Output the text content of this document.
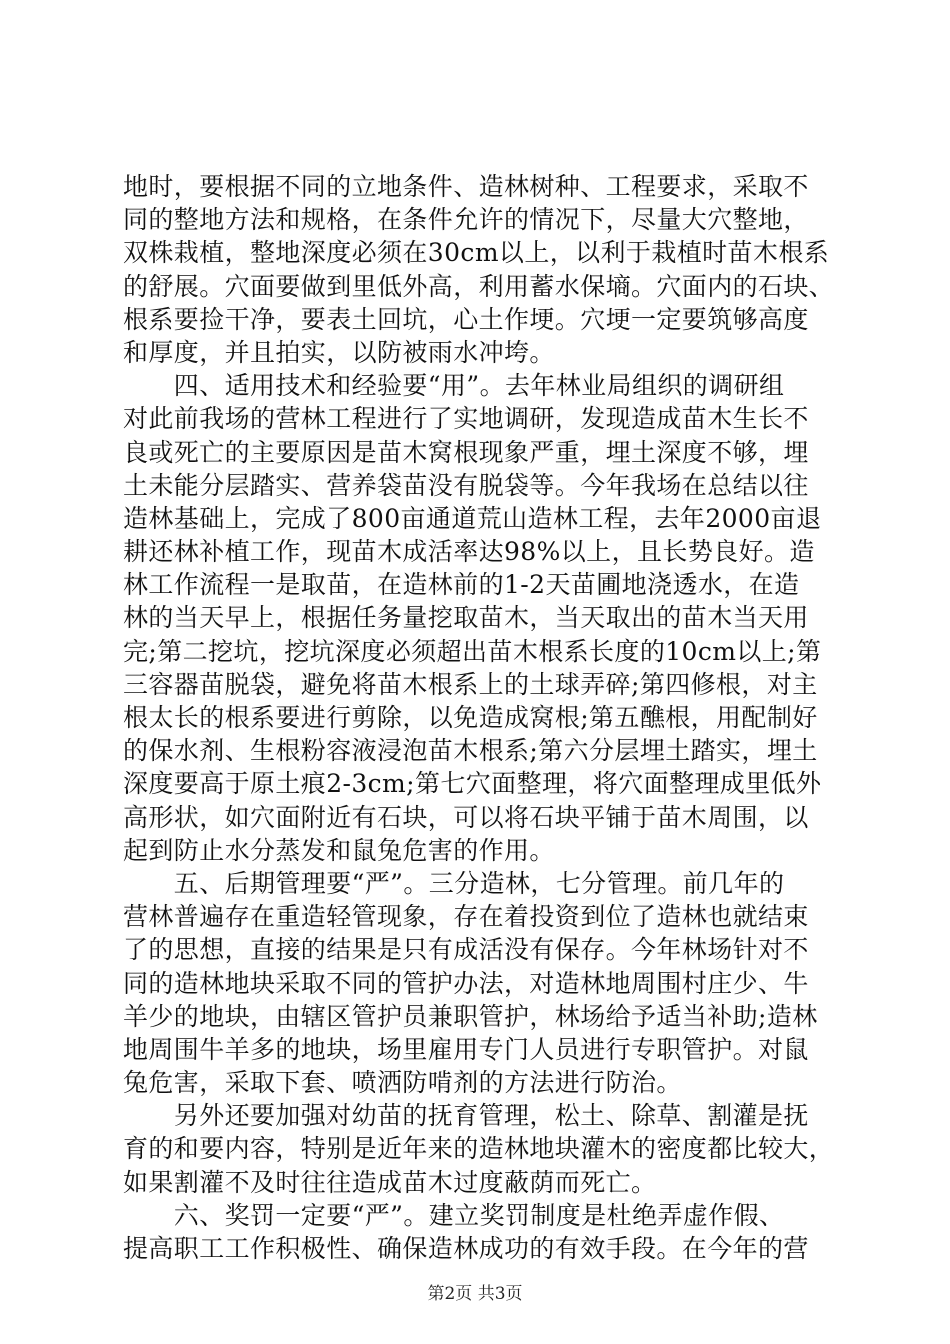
地时，要根据不同的立地条件、造林树种、工程要求，采取不
同的整地方法和规格，在条件允许的情况下，尽量大穴整地，
双株栽植，整地深度必须在30cm以上，以利于栽植时苗木根系
的舒展。穴面要做到里低外高，利用蓄水保墒。穴面内的石块、
根系要捡干净，要表土回坑，心土作埂。穴埂一定要筑够高度
和厚度，并且拍实，以防被雨水冲垮。
　　四、适用技术和经验要“用”。去年林业局组织的调研组
对此前我场的营林工程进行了实地调研，发现造成苗木生长不
良或死亡的主要原因是苗木窝根现象严重，埋土深度不够，埋
土未能分层踏实、营养袋苗没有脱袋等。今年我场在总结以往
造林基础上，完成了800亩通道荒山造林工程，去年2000亩退
耕还林补植工作，现苗木成活率达98%以上，且长势良好。造
林工作流程一是取苗，在造林前的1-2天苗圃地浇透水，在造
林的当天早上，根据任务量挖取苗木，当天取出的苗木当天用
完;第二挖坑，挖坑深度必须超出苗木根系长度的10cm以上;第
三容器苗脱袋，避免将苗木根系上的土球弄碎;第四修根，对主
根太长的根系要进行剪除，以免造成窝根;第五醮根，用配制好
的保水剂、生根粉容液浸泡苗木根系;第六分层埋土踏实，埋土
深度要高于原土痕2-3cm;第七穴面整理，将穴面整理成里低外
高形状，如穴面附近有石块，可以将石块平铺于苗木周围，以
起到防止水分蒸发和鼠兔危害的作用。
　　五、后期管理要“严”。三分造林，七分管理。前几年的
营林普遍存在重造轻管现象，存在着投资到位了造林也就结束
了的思想，直接的结果是只有成活没有保存。今年林场针对不
同的造林地块采取不同的管护办法，对造林地周围村庄少、牛
羊少的地块，由辖区管护员兼职管护，林场给予适当补助;造林
地周围牛羊多的地块，场里雇用专门人员进行专职管护。对鼠
兔危害，采取下套、喷洒防啃剂的方法进行防治。
　　另外还要加强对幼苗的抚育管理，松土、除草、割灌是抚
育的和要内容，特别是近年来的造林地块灌木的密度都比较大，
如果割灌不及时往往造成苗木过度蔽荫而死亡。
　　六、奖罚一定要“严”。建立奖罚制度是杜绝弄虚作假、
提高职工工作积极性、确保造林成功的有效手段。在今年的营
第2页 共3页
